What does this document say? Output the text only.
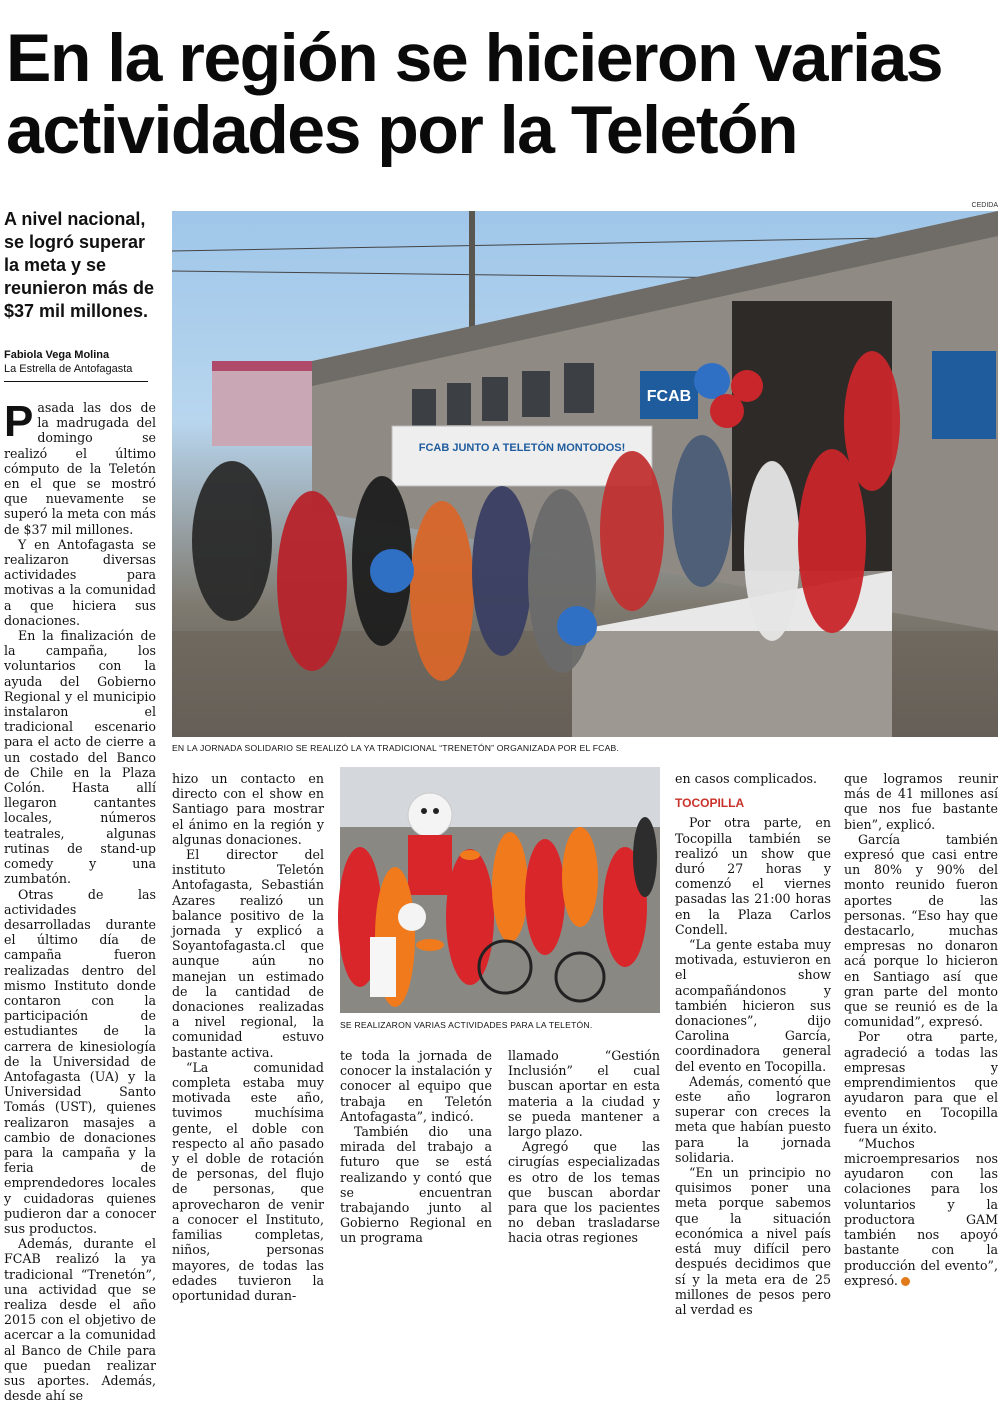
En la región se hicieron varias
actividades por la Teletón
A nivel nacional, se logró superar la meta y se reunieron más de $37 mil millones.
Fabiola Vega Molina
La Estrella de Antofagasta
CEDIDA
FCAB
FCAB JUNTO A TELETÓN MONTODOS!
EN LA JORNADA SOLIDARIO SE REALIZÓ LA YA TRADICIONAL “TRENETÓN” ORGANIZADA POR EL FCAB.
SE REALIZARON VARIAS ACTIVIDADES PARA LA TELETÓN.

Pasada las dos de la madrugada del domingo se realizó el último cómputo de la Teletón en el que se mostró que nuevamente se superó la meta con más de $37 mil millones.

Y en Antofagasta se realizaron diversas actividades para motivas a la comunidad a que hiciera sus donaciones.

En la finalización de la campaña, los voluntarios con la ayuda del Gobierno Regional y el municipio instalaron el tradicional escenario para el acto de cierre a un costado del Banco de Chile en la Plaza Colón. Hasta allí llegaron cantantes locales, números teatrales, algunas rutinas de stand-up comedy y una zumbatón.

Otras de las actividades desarrolladas durante el último día de campaña fueron realizadas dentro del mismo Instituto donde contaron con la participación de estudiantes de la carrera de kinesiología de la Universidad de Antofagasta (UA) y la Universidad Santo Tomás (UST), quienes realizaron masajes a cambio de donaciones para la campaña y la feria de emprendedores locales y cuidadoras quienes pudieron dar a conocer sus productos.

Además, durante el FCAB realizó la ya tradicional “Trenetón”, una actividad que se realiza desde el año 2015 con el objetivo de acercar a la comunidad al Banco de Chile para que puedan realizar sus aportes. Además, desde ahí se

hizo un contacto en directo con el show en Santiago para mostrar el ánimo en la región y algunas donaciones.

El director del instituto Teletón Antofagasta, Sebastián Azares realizó un balance positivo de la jornada y explicó a Soyantofagasta.cl que aunque aún no manejan un estimado de la cantidad de donaciones realizadas a nivel regional, la comunidad estuvo bastante activa.

“La comunidad completa estaba muy motivada este año, tuvimos muchísima gente, el doble con respecto al año pasado y el doble de rotación de personas, del flujo de personas, que aprovecharon de venir a conocer el Instituto, familias completas, niños, personas mayores, de todas las edades tuvieron la oportunidad duran-

te toda la jornada de conocer la instalación y conocer al equipo que trabaja en Teletón Antofagasta”, indicó.

También dio una mirada del trabajo a futuro que se está realizando y contó que se encuentran trabajando junto al Gobierno Regional en un programa

llamado “Gestión Inclusión” el cual buscan aportar en esta materia a la ciudad y se pueda mantener a largo plazo.

Agregó que las cirugías especializadas es otro de los temas que buscan abordar para que los pacientes no deban trasladarse hacia otras regiones

en casos complicados.

TOCOPILLA

Por otra parte, en Tocopilla también se realizó un show que duró 27 horas y comenzó el viernes pasadas las 21:00 horas en la Plaza Carlos Condell.

“La gente estaba muy motivada, estuvieron en el show acompañándonos y también hicieron sus donaciones”, dijo Carolina García, coordinadora general del evento en Tocopilla.

Además, comentó que este año lograron superar con creces la meta que habían puesto para la jornada solidaria.

“En un principio no quisimos poner una meta porque sabemos que la situación económica a nivel país está muy difícil pero después decidimos que sí y la meta era de 25 millones de pesos pero al verdad es

que logramos reunir más de 41 millones así que nos fue bastante bien”, explicó.

García también expresó que casi entre un 80% y 90% del monto reunido fueron aportes de las personas. “Eso hay que destacarlo, muchas empresas no donaron acá porque lo hicieron en Santiago así que gran parte del monto que se reunió es de la comunidad”, expresó.

Por otra parte, agradeció a todas las empresas y emprendimientos que ayudaron para que el evento en Tocopilla fuera un éxito.

“Muchos microempresarios nos ayudaron con las colaciones para los voluntarios y la productora GAM también nos apoyó bastante con la producción del evento”, expresó.
